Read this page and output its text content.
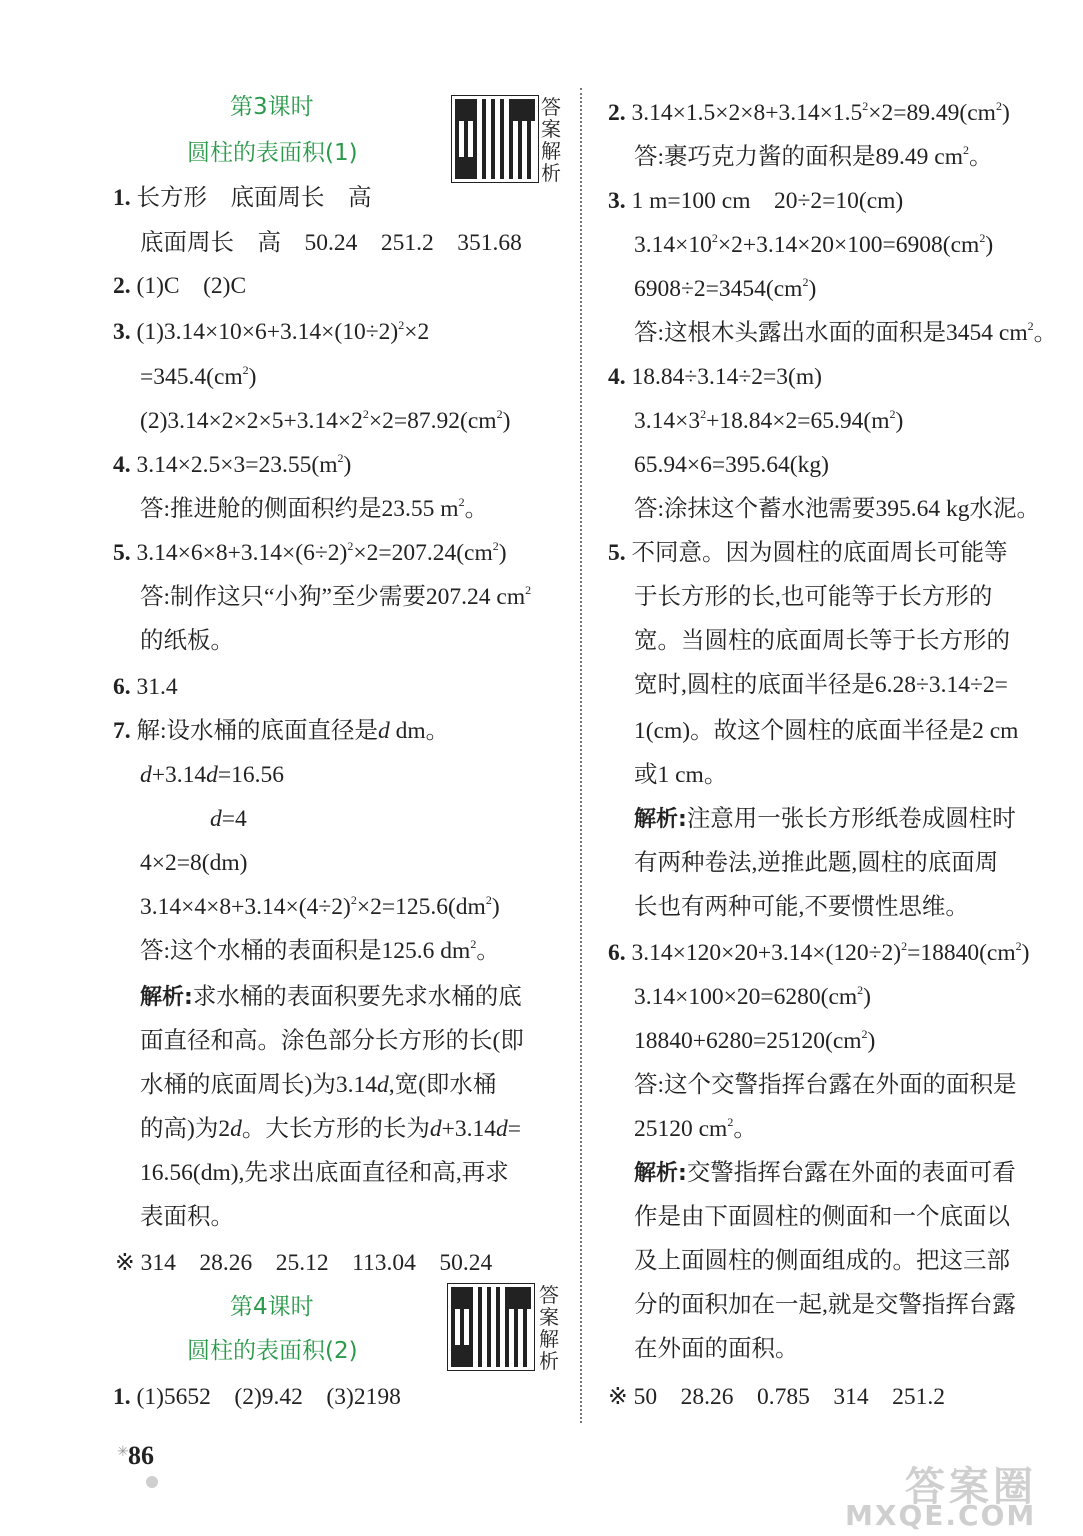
第3课时
圆柱的表面积(1)
答案解析
1. 长方形　底面周长　高
底面周长　高　50.24　251.2　351.68
2. (1)C　(2)C
3. $(1)3.14\times 10\times 6+3.14\times(10\div 2)^2\times 2$
$=345.4(cm^2)$
$(2)3.14\times 2\times 2\times 5+3.14\times 2^2\times 2=87.92(cm^2)$
4. $3.14\times 2.5\times 3=23.55(m^2)$
答:推进舱的侧面积约是23.55 $m^2$。
5. $3.14\times 6\times 8+3.14\times(6\div 2)^2\times 2=207.24(cm^2)$
答:制作这只“小狗”至少需要207.24 $cm^2$
的纸板。
6. 31.4
7. 解:设水桶的底面直径是d dm。
d+3.14d=16.56
d=4
4×2=8(dm)
$3.14\times 4\times 8+3.14\times(4\div 2)^2\times 2=125.6(dm^2)$
答:这个水桶的表面积是125.6 $dm^2$。
解析:求水桶的表面积要先求水桶的底
面直径和高。涂色部分长方形的长(即
水桶的底面周长)为3.14d,宽(即水桶
的高)为2d。大长方形的长为d+3.14d=
16.56(dm),先求出底面直径和高,再求
表面积。
※ 314　28.26　25.12　113.04　50.24
第4课时
圆柱的表面积(2)
答案解析
1. (1)5652　(2)9.42　(3)2198
2. $3.14\times 1.5\times 2\times 8+3.14\times 1.5^2\times 2=89.49(cm^2)$
答:裹巧克力酱的面积是89.49 $cm^2$。
3. 1 m=100 cm　20÷2=10(cm)
$3.14\times 10^2\times 2+3.14\times 20\times 100=6908(cm^2)$
$6908\div 2=3454(cm^2)$
答:这根木头露出水面的面积是3454 $cm^2$。
4. 18.84÷3.14÷2=3(m)
$3.14\times 3^2+18.84\times 2=65.94(m^2)$
65.94×6=395.64(kg)
答:涂抹这个蓄水池需要395.64 kg水泥。
5. 不同意。因为圆柱的底面周长可能等
于长方形的长,也可能等于长方形的
宽。当圆柱的底面周长等于长方形的
宽时,圆柱的底面半径是6.28÷3.14÷2=
1(cm)。故这个圆柱的底面半径是2 cm
或1 cm。
解析:注意用一张长方形纸卷成圆柱时
有两种卷法,逆推此题,圆柱的底面周
长也有两种可能,不要惯性思维。
6. $3.14\times 120\times 20+3.14\times(120\div 2)^2=18840(cm^2)$
$3.14\times 100\times 20=6280(cm^2)$
$18840+6280=25120(cm^2)$
答:这个交警指挥台露在外面的面积是
25120 $cm^2$。
解析:交警指挥台露在外面的表面可看
作是由下面圆柱的侧面和一个底面以
及上面圆柱的侧面组成的。把这三部
分的面积加在一起,就是交警指挥台露
在外面的面积。
※ 50　28.26　0.785　314　251.2
✳ 86
答案圈
MXQE.COM
